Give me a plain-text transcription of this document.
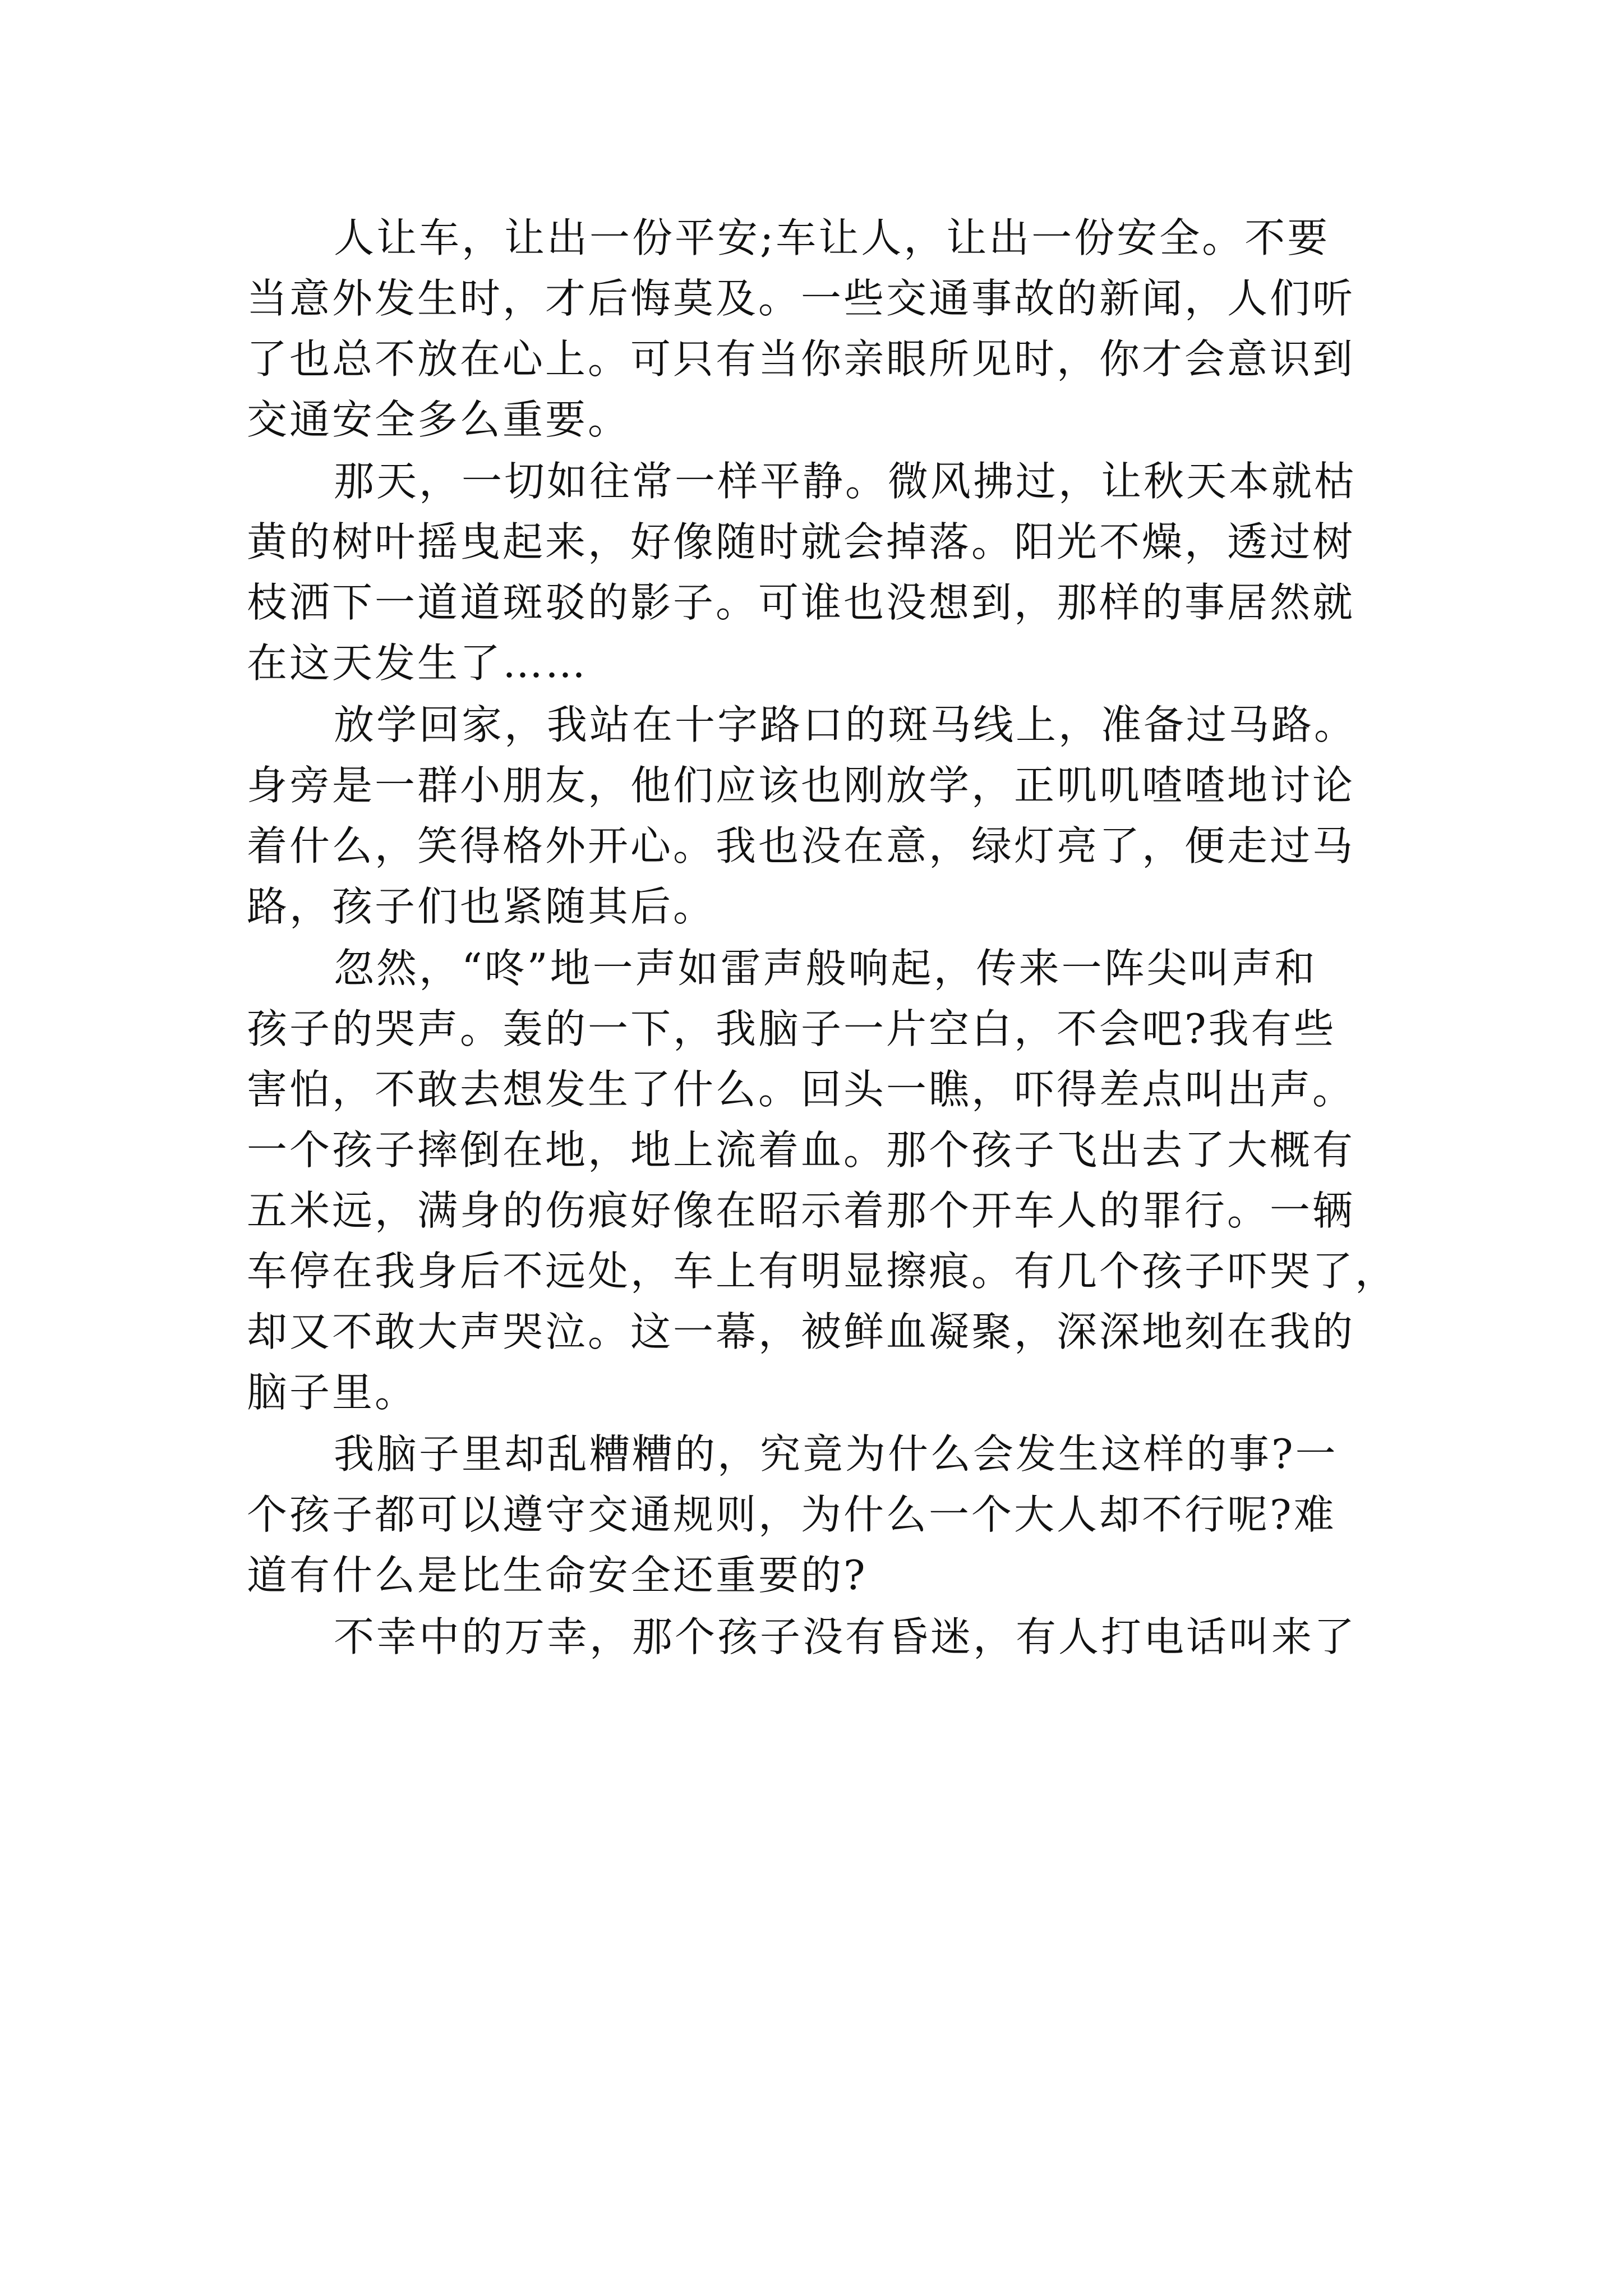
人让车，让出一份平安;车让人，让出一份安全。不要
当意外发生时，才后悔莫及。一些交通事故的新闻，人们听
了也总不放在心上。可只有当你亲眼所见时，你才会意识到
交通安全多么重要。
那天，一切如往常一样平静。微风拂过，让秋天本就枯
黄的树叶摇曳起来，好像随时就会掉落。阳光不燥，透过树
枝洒下一道道斑驳的影子。可谁也没想到，那样的事居然就
在这天发生了……
放学回家，我站在十字路口的斑马线上，准备过马路。
身旁是一群小朋友，他们应该也刚放学，正叽叽喳喳地讨论
着什么，笑得格外开心。我也没在意，绿灯亮了，便走过马
路，孩子们也紧随其后。
忽然，“咚”地一声如雷声般响起，传来一阵尖叫声和
孩子的哭声。轰的一下，我脑子一片空白，不会吧?我有些
害怕，不敢去想发生了什么。回头一瞧，吓得差点叫出声。
一个孩子摔倒在地，地上流着血。那个孩子飞出去了大概有
五米远，满身的伤痕好像在昭示着那个开车人的罪行。一辆
车停在我身后不远处，车上有明显擦痕。有几个孩子吓哭了，
却又不敢大声哭泣。这一幕，被鲜血凝聚，深深地刻在我的
脑子里。
我脑子里却乱糟糟的，究竟为什么会发生这样的事?一
个孩子都可以遵守交通规则，为什么一个大人却不行呢?难
道有什么是比生命安全还重要的?
不幸中的万幸，那个孩子没有昏迷，有人打电话叫来了
